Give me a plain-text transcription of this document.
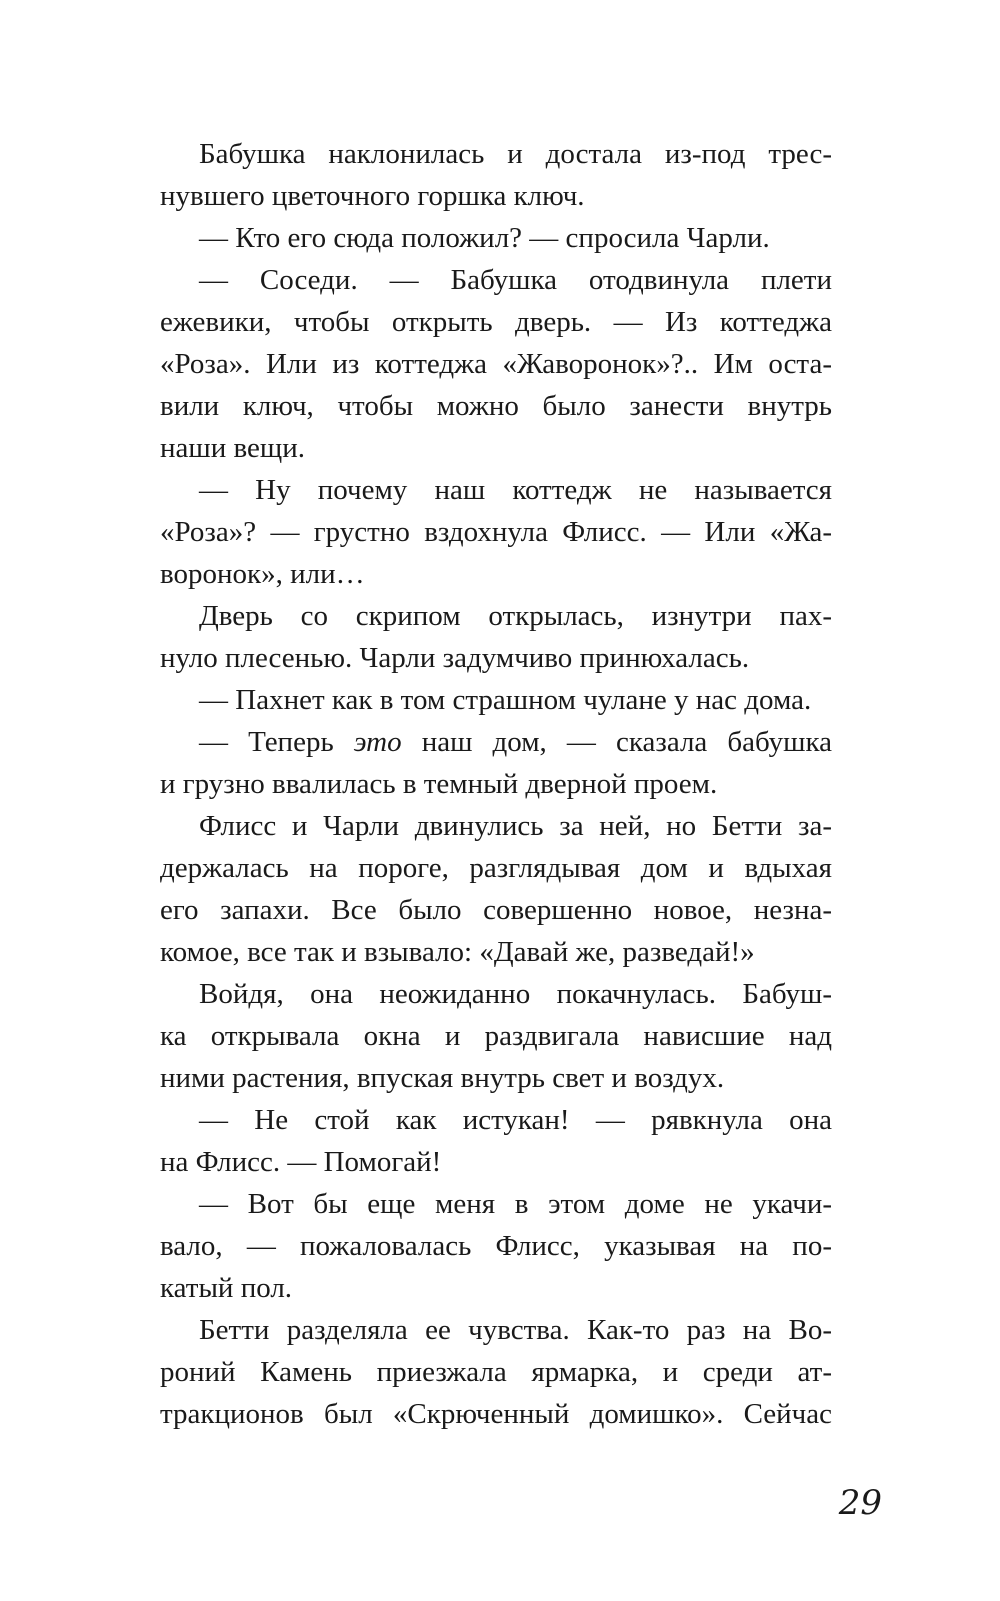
Бабушка наклонилась и достала из-под трес-
нувшего цветочного горшка ключ.
— Кто его сюда положил? — спросила Чарли.
— Соседи. — Бабушка отодвинула плети
ежевики, чтобы открыть дверь. — Из коттеджа
«Роза». Или из коттеджа «Жаворонок»?.. Им оста-
вили ключ, чтобы можно было занести внутрь
наши вещи.
— Ну почему наш коттедж не называется
«Роза»? — грустно вздохнула Флисс. — Или «Жа-
воронок», или…
Дверь со скрипом открылась, изнутри пах-
нуло плесенью. Чарли задумчиво принюхалась.
— Пахнет как в том страшном чулане у нас дома.
— Теперь это наш дом, — сказала бабушка
и грузно ввалилась в темный дверной проем.
Флисс и Чарли двинулись за ней, но Бетти за-
держалась на пороге, разглядывая дом и вдыхая
его запахи. Все было совершенно новое, незна-
комое, все так и взывало: «Давай же, разведай!»
Войдя, она неожиданно покачнулась. Бабуш-
ка открывала окна и раздвигала нависшие над
ними растения, впуская внутрь свет и воздух.
— Не стой как истукан! — рявкнула она
на Флисс. — Помогай!
— Вот бы еще меня в этом доме не укачи-
вало, — пожаловалась Флисс, указывая на по-
катый пол.
Бетти разделяла ее чувства. Как-то раз на Во-
роний Камень приезжала ярмарка, и среди ат-
тракционов был «Скрюченный домишко». Сейчас
29
